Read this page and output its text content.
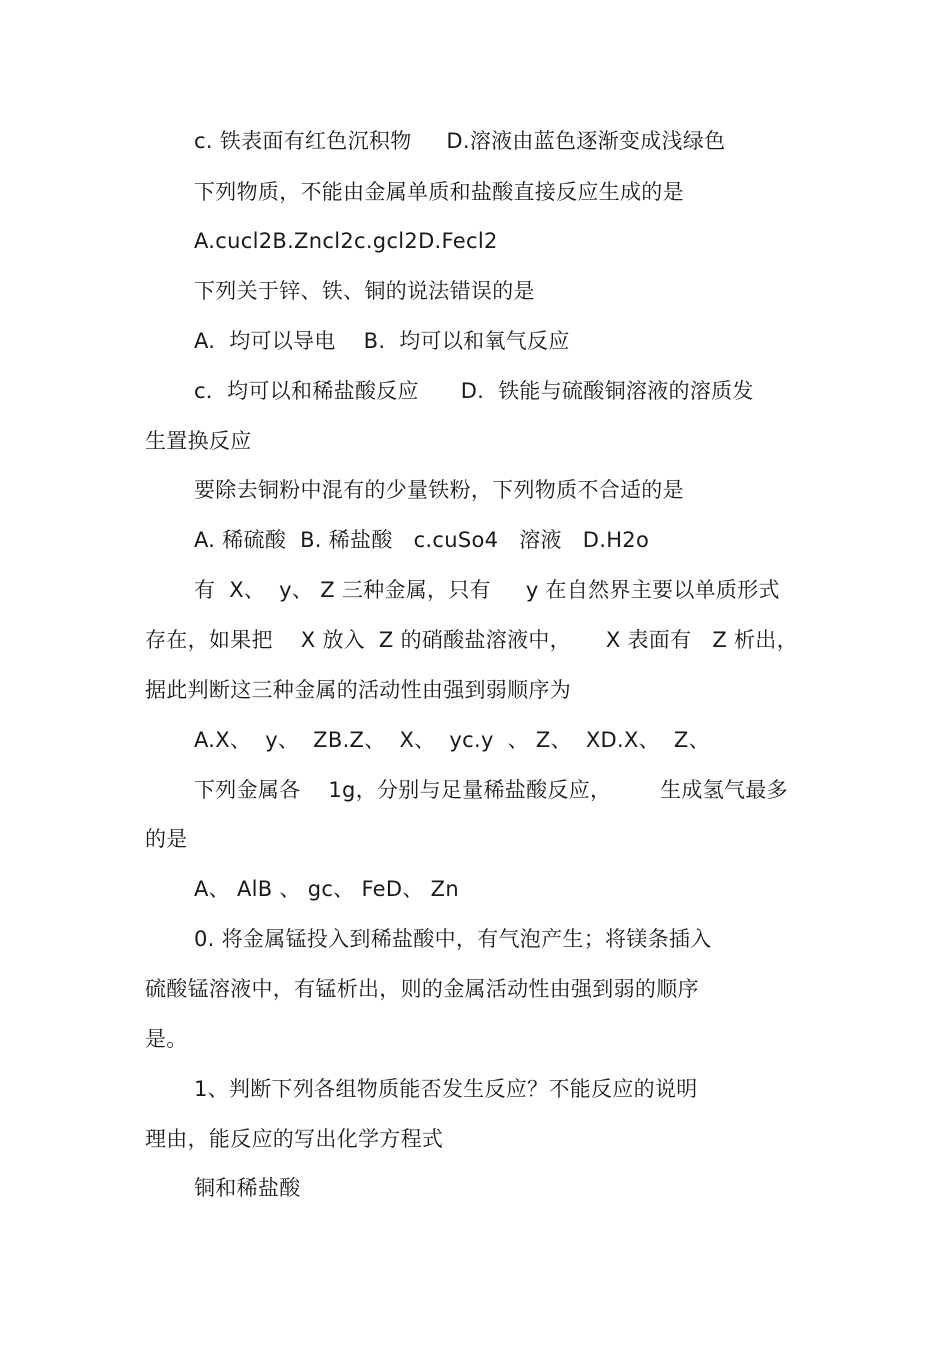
c. 铁表面有红色沉积物     D.溶液由蓝色逐渐变成浅绿色
下列物质，不能由金属单质和盐酸直接反应生成的是
A.cucl2B.Zncl2c.gcl2D.Fecl2
下列关于锌、铁、铜的说法错误的是
A.  均可以导电    B.  均可以和氧气反应
c．均可以和稀盐酸反应      D.  铁能与硫酸铜溶液的溶质发
生置换反应
要除去铜粉中混有的少量铁粉，下列物质不合适的是
A. 稀硫酸  B. 稀盐酸   c.cuSo4   溶液   D.H2o
有  X、  y、 Z 三种金属，只有     y 在自然界主要以单质形式
存在，如果把    X 放入  Z 的硝酸盐溶液中，     X 表面有   Z 析出，
据此判断这三种金属的活动性由强到弱顺序为
A.X、  y、  ZB.Z、  X、  yc.y  、 Z、  XD.X、  Z、
下列金属各    1g，分别与足量稀盐酸反应，       生成氢气最多
的是
A、 AlB 、 gc、 FeD、 Zn
0. 将金属锰投入到稀盐酸中，有气泡产生；将镁条插入
硫酸锰溶液中，有锰析出，则的金属活动性由强到弱的顺序
是。
1、判断下列各组物质能否发生反应？不能反应的说明
理由，能反应的写出化学方程式
铜和稀盐酸
